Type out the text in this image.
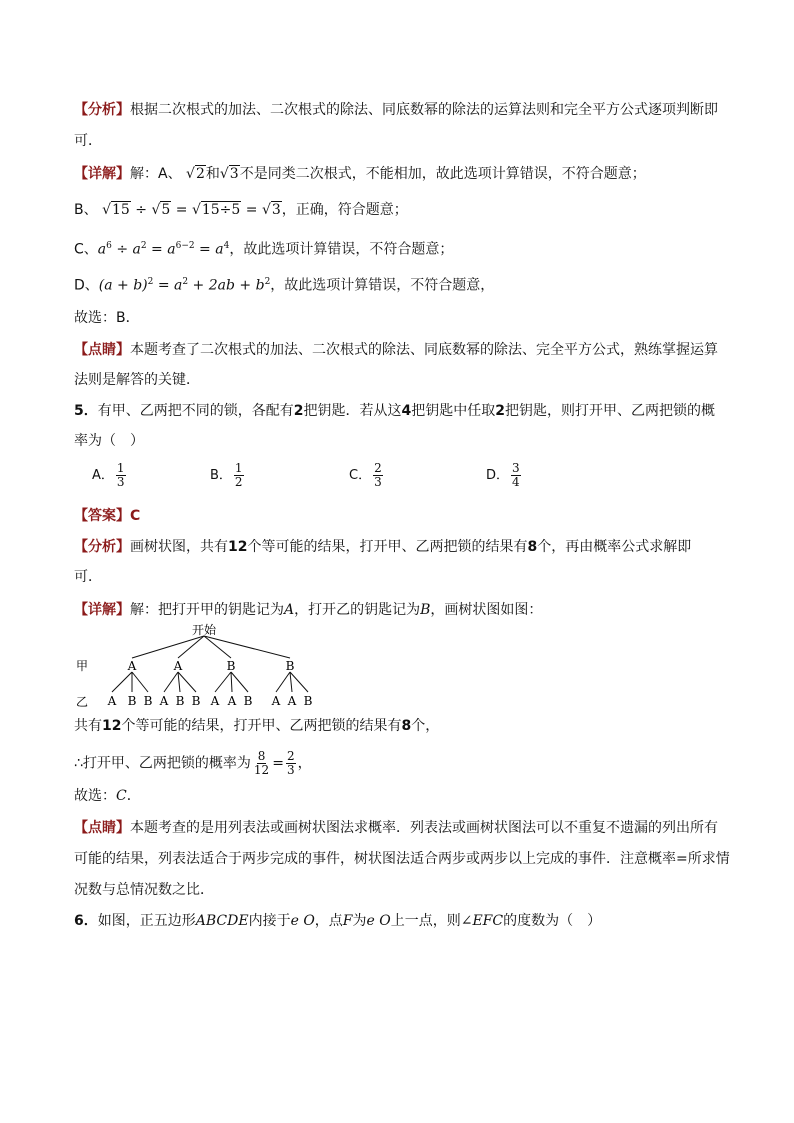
【分析】根据二次根式的加法、二次根式的除法、同底数幂的除法的运算法则和完全平方公式逐项判断即
可．
【详解】解：A、 √2和√3不是同类二次根式，不能相加，故此选项计算错误，不符合题意；
B、 √15 ÷ √5 = √15÷5 = √3，正确，符合题意；
C、$a^6 \div a^2 = a^{6-2} = a^4$，故此选项计算错误，不符合题意；
D、$(a + b)^2 = a^2 + 2ab + b^2$，故此选项计算错误，不符合题意，
故选：B．
【点睛】本题考查了二次根式的加法、二次根式的除法、同底数幂的除法、完全平方公式，熟练掌握运算
法则是解答的关键．
5．有甲、乙两把不同的锁，各配有2把钥匙．若从这4把钥匙中任取2把钥匙，则打开甲、乙两把锁的概
率为（　）
A． $\frac{1}{3}$	B． $\frac{1}{2}$	C． $\frac{2}{3}$	D． $\frac{3}{4}$
【答案】C
【分析】画树状图，共有12个等可能的结果，打开甲、乙两把锁的结果有8个，再由概率公式求解即
可．
【详解】解：把打开甲的钥匙记为A，打开乙的钥匙记为B，画树状图如图：
开始
甲
乙
A	A	B	B
A B B A B B A A B A A B
共有12个等可能的结果，打开甲、乙两把锁的结果有8个，
∴打开甲、乙两把锁的概率为 $\frac{8}{12} = \frac{2}{3}$ ，
故选：C．
【点睛】本题考查的是用列表法或画树状图法求概率．列表法或画树状图法可以不重复不遗漏的列出所有
可能的结果，列表法适合于两步完成的事件，树状图法适合两步或两步以上完成的事件．注意概率=所求情
况数与总情况数之比．
6．如图，正五边形ABCDE内接于e O，点F为e O上一点，则∠EFC的度数为（　）
